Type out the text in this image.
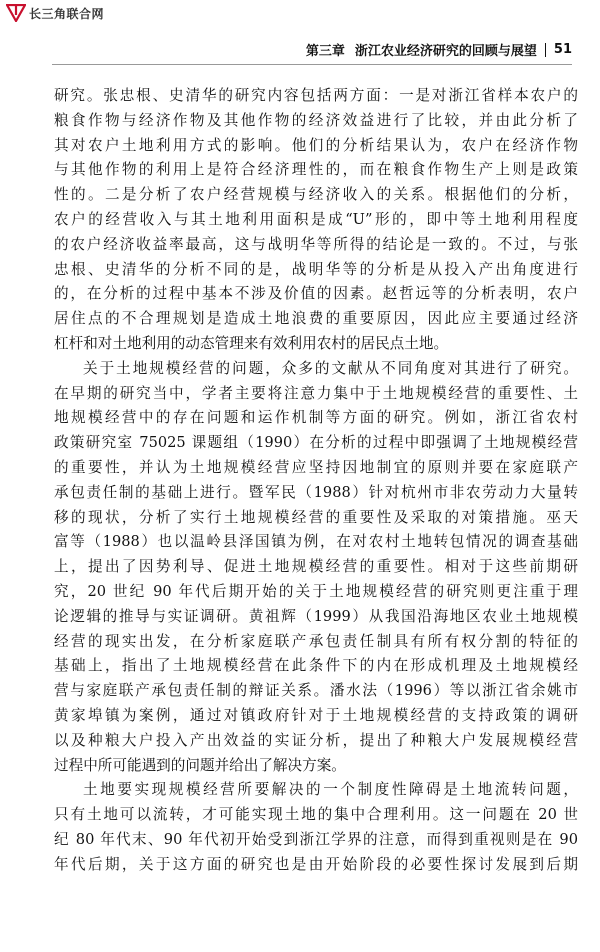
长三角联合网
第三章 浙江农业经济研究的回顾与展望 51

研究。张忠根、史清华的研究内容包括两方面：一是对浙江省样本农户的
粮食作物与经济作物及其他作物的经济效益进行了比较，并由此分析了
其对农户土地利用方式的影响。他们的分析结果认为，农户在经济作物
与其他作物的利用上是符合经济理性的，而在粮食作物生产上则是政策
性的。二是分析了农户经营规模与经济收入的关系。根据他们的分析，
农户的经营收入与其土地利用面积是成“U”形的，即中等土地利用程度
的农户经济收益率最高，这与战明华等所得的结论是一致的。不过，与张
忠根、史清华的分析不同的是，战明华等的分析是从投入产出角度进行
的，在分析的过程中基本不涉及价值的因素。赵哲远等的分析表明，农户
居住点的不合理规划是造成土地浪费的重要原因，因此应主要通过经济
杠杆和对土地利用的动态管理来有效利用农村的居民点土地。

关于土地规模经营的问题，众多的文献从不同角度对其进行了研究。
在早期的研究当中，学者主要将注意力集中于土地规模经营的重要性、土
地规模经营中的存在问题和运作机制等方面的研究。例如，浙江省农村
政策研究室 75025 课题组（1990）在分析的过程中即强调了土地规模经营
的重要性，并认为土地规模经营应坚持因地制宜的原则并要在家庭联产
承包责任制的基础上进行。暨军民（1988）针对杭州市非农劳动力大量转
移的现状，分析了实行土地规模经营的重要性及采取的对策措施。巫天
富等（1988）也以温岭县泽国镇为例，在对农村土地转包情况的调查基础
上，提出了因势利导、促进土地规模经营的重要性。相对于这些前期研
究，20 世纪 90 年代后期开始的关于土地规模经营的研究则更注重于理
论逻辑的推导与实证调研。黄祖辉（1999）从我国沿海地区农业土地规模
经营的现实出发，在分析家庭联产承包责任制具有所有权分割的特征的
基础上，指出了土地规模经营在此条件下的内在形成机理及土地规模经
营与家庭联产承包责任制的辩证关系。潘水法（1996）等以浙江省余姚市
黄家埠镇为案例，通过对镇政府针对于土地规模经营的支持政策的调研
以及种粮大户投入产出效益的实证分析，提出了种粮大户发展规模经营
过程中所可能遇到的问题并给出了解决方案。

土地要实现规模经营所要解决的一个制度性障碍是土地流转问题，
只有土地可以流转，才可能实现土地的集中合理利用。这一问题在 20 世
纪 80 年代末、90 年代初开始受到浙江学界的注意，而得到重视则是在 90
年代后期，关于这方面的研究也是由开始阶段的必要性探讨发展到后期
